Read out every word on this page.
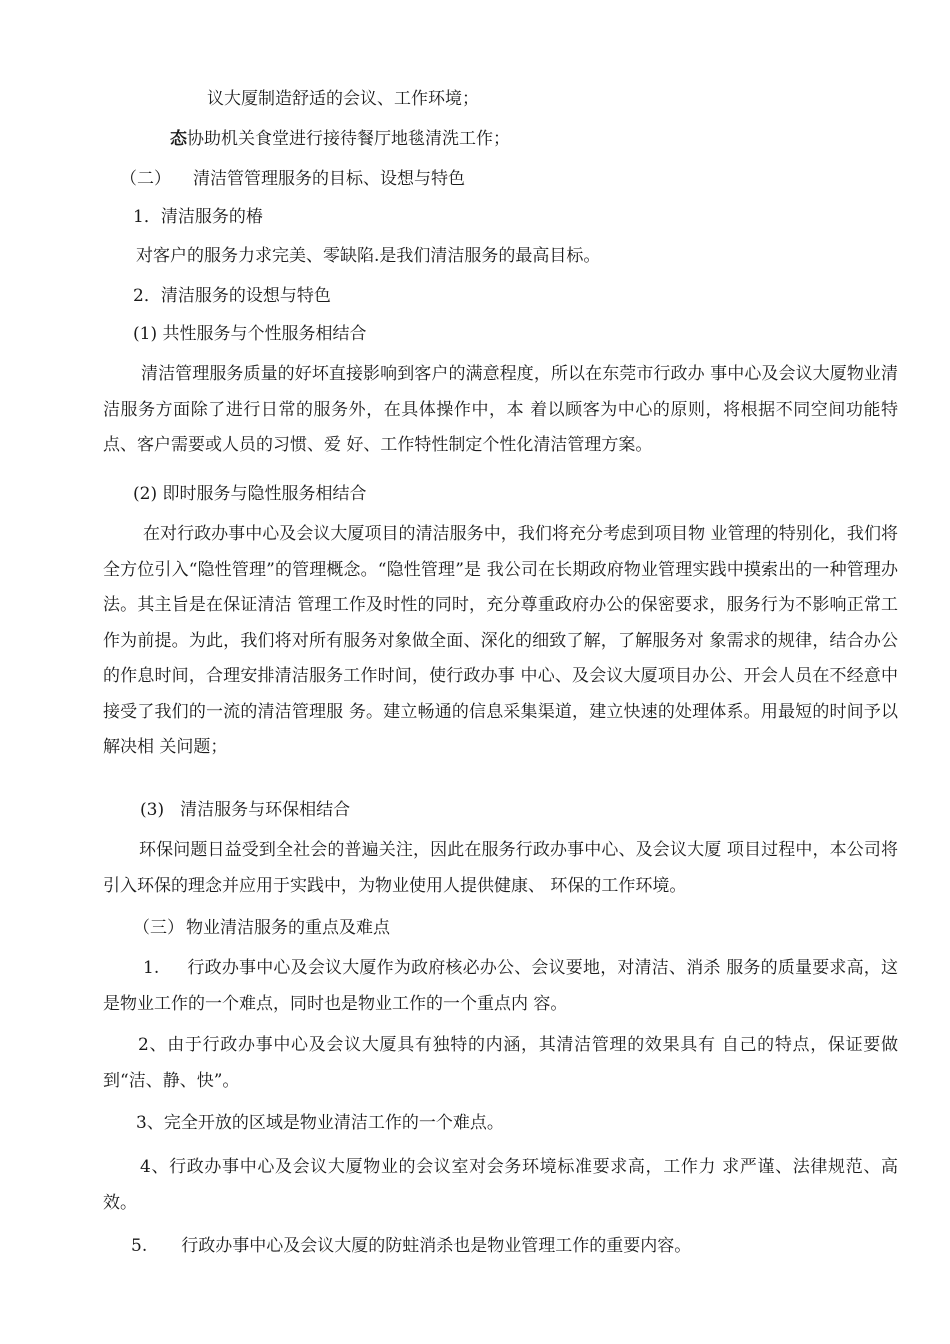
议大厦制造舒适的会议、工作环境；
态协助机关食堂进行接待餐厅地毯清洗工作；
（二） 清洁管管理服务的目标、设想与特色
1．清洁服务的椿
对客户的服务力求完美、零缺陷.是我们清洁服务的最高目标。
2．清洁服务的设想与特色
(1) 共性服务与个性服务相结合
清洁管理服务质量的好坏直接影响到客户的满意程度，所以在东莞市行政办 事中心及会议大厦物业清洁服务方面除了进行日常的服务外，在具体操作中，本 着以顾客为中心的原则，将根据不同空间功能特点、客户需要或人员的习惯、爱 好、工作特性制定个性化清洁管理方案。
(2) 即时服务与隐性服务相结合
在对行政办事中心及会议大厦项目的清洁服务中，我们将充分考虑到项目物 业管理的特别化，我们将全方位引入“隐性管理”的管理概念。“隐性管理”是 我公司在长期政府物业管理实践中摸索出的一种管理办法。其主旨是在保证清洁 管理工作及时性的同时，充分尊重政府办公的保密要求，服务行为不影响正常工 作为前提。为此，我们将对所有服务对象做全面、深化的细致了解，了解服务对 象需求的规律，结合办公的作息时间，合理安排清洁服务工作时间，使行政办事 中心、及会议大厦项目办公、开会人员在不经意中接受了我们的一流的清洁管理服 务。建立畅通的信息采集渠道，建立快速的处理体系。用最短的时间予以解决相 关问题；
(3) 清洁服务与环保相结合
环保问题日益受到全社会的普遍关注，因此在服务行政办事中心、及会议大厦 项目过程中，本公司将引入环保的理念并应用于实践中，为物业使用人提供健康、 环保的工作环境。
（三） 物业清洁服务的重点及难点
1. 行政办事中心及会议大厦作为政府核必办公、会议要地，对清洁、消杀 服务的质量要求高，这是物业工作的一个难点，同时也是物业工作的一个重点内 容。
2、由于行政办事中心及会议大厦具有独特的内涵，其清洁管理的效果具有 自己的特点，保证要做到“洁、静、快”。
3、完全开放的区域是物业清洁工作的一个难点。
4、行政办事中心及会议大厦物业的会议室对会务环境标准要求高，工作力 求严谨、法律规范、高效。
5. 行政办事中心及会议大厦的防蛀消杀也是物业管理工作的重要内容。
